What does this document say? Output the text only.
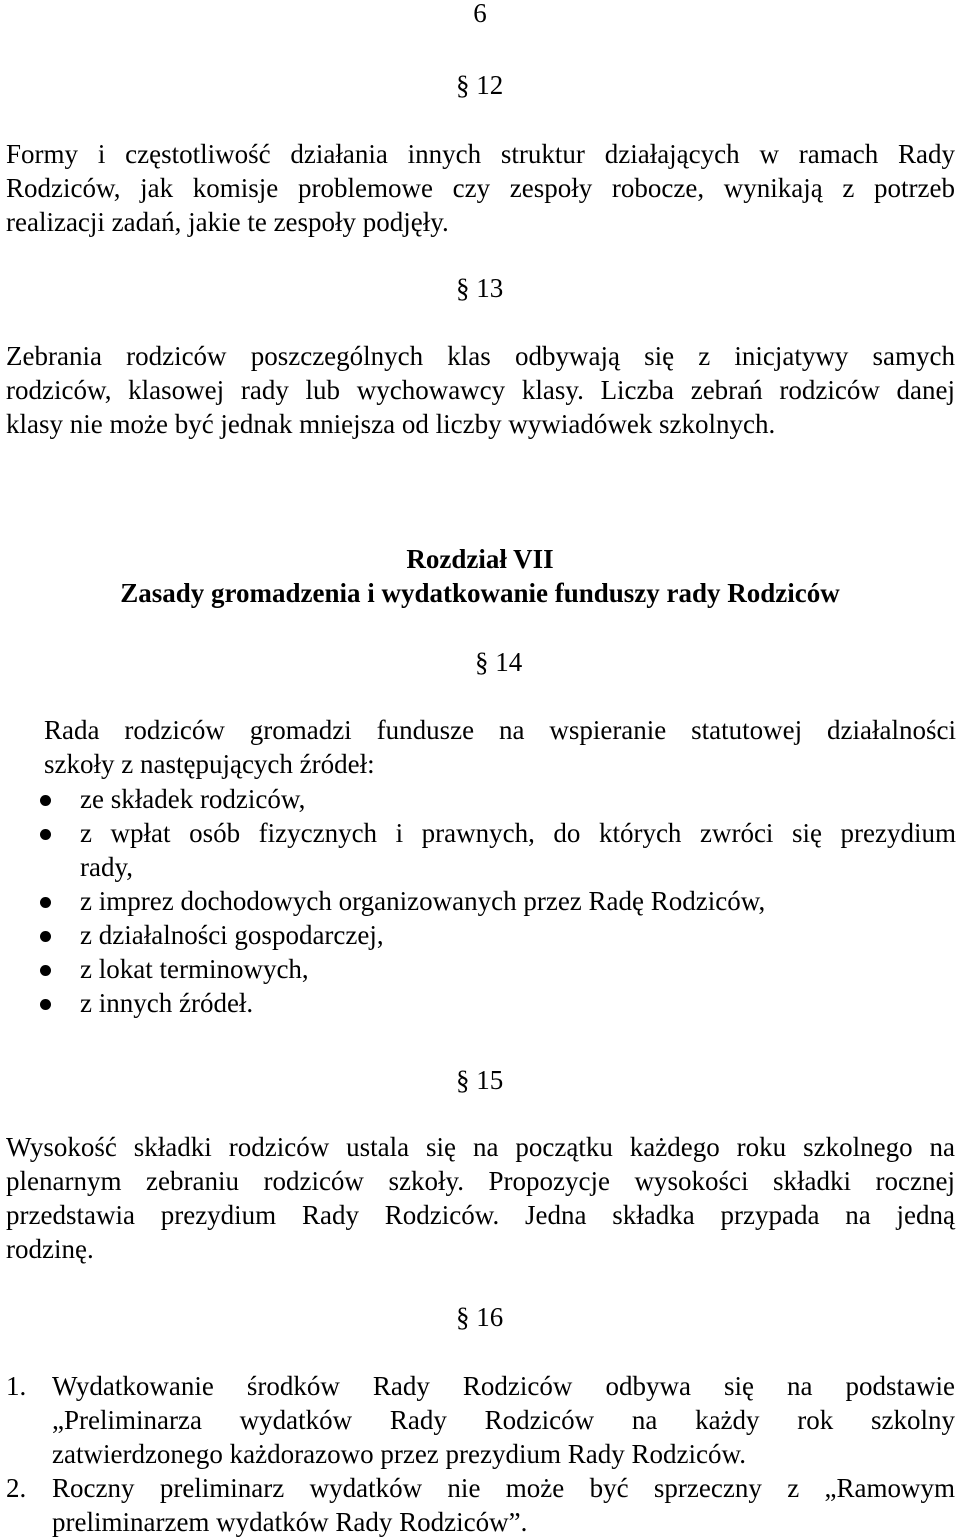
6
§ 12
Formy i częstotliwość działania innych struktur działających w ramach Rady
Rodziców, jak komisje problemowe czy zespoły robocze, wynikają z potrzeb
realizacji zadań, jakie te zespoły podjęły.
§ 13
Zebrania rodziców poszczególnych klas odbywają się z inicjatywy samych
rodziców, klasowej rady lub wychowawcy klasy. Liczba zebrań rodziców danej
klasy nie może być jednak mniejsza od liczby wywiadówek szkolnych.
Rozdział VII
Zasady gromadzenia i wydatkowanie funduszy rady Rodziców
§ 14
Rada rodziców gromadzi fundusze na wspieranie statutowej działalności
szkoły z następujących źródeł:
ze składek rodziców,
z wpłat osób fizycznych i prawnych, do których zwróci się prezydium
rady,
z imprez dochodowych organizowanych przez Radę Rodziców,
z działalności gospodarczej,
z lokat terminowych,
z innych źródeł.
§ 15
Wysokość składki rodziców ustala się na początku każdego roku szkolnego na
plenarnym zebraniu rodziców szkoły. Propozycje wysokości składki rocznej
przedstawia prezydium Rady Rodziców. Jedna składka przypada na jedną
rodzinę.
§ 16
1. Wydatkowanie środków Rady Rodziców odbywa się na podstawie
„Preliminarza wydatków Rady Rodziców na każdy rok szkolny
zatwierdzonego każdorazowo przez prezydium Rady Rodziców.
2. Roczny preliminarz wydatków nie może być sprzeczny z „Ramowym
preliminarzem wydatków Rady Rodziców”.
